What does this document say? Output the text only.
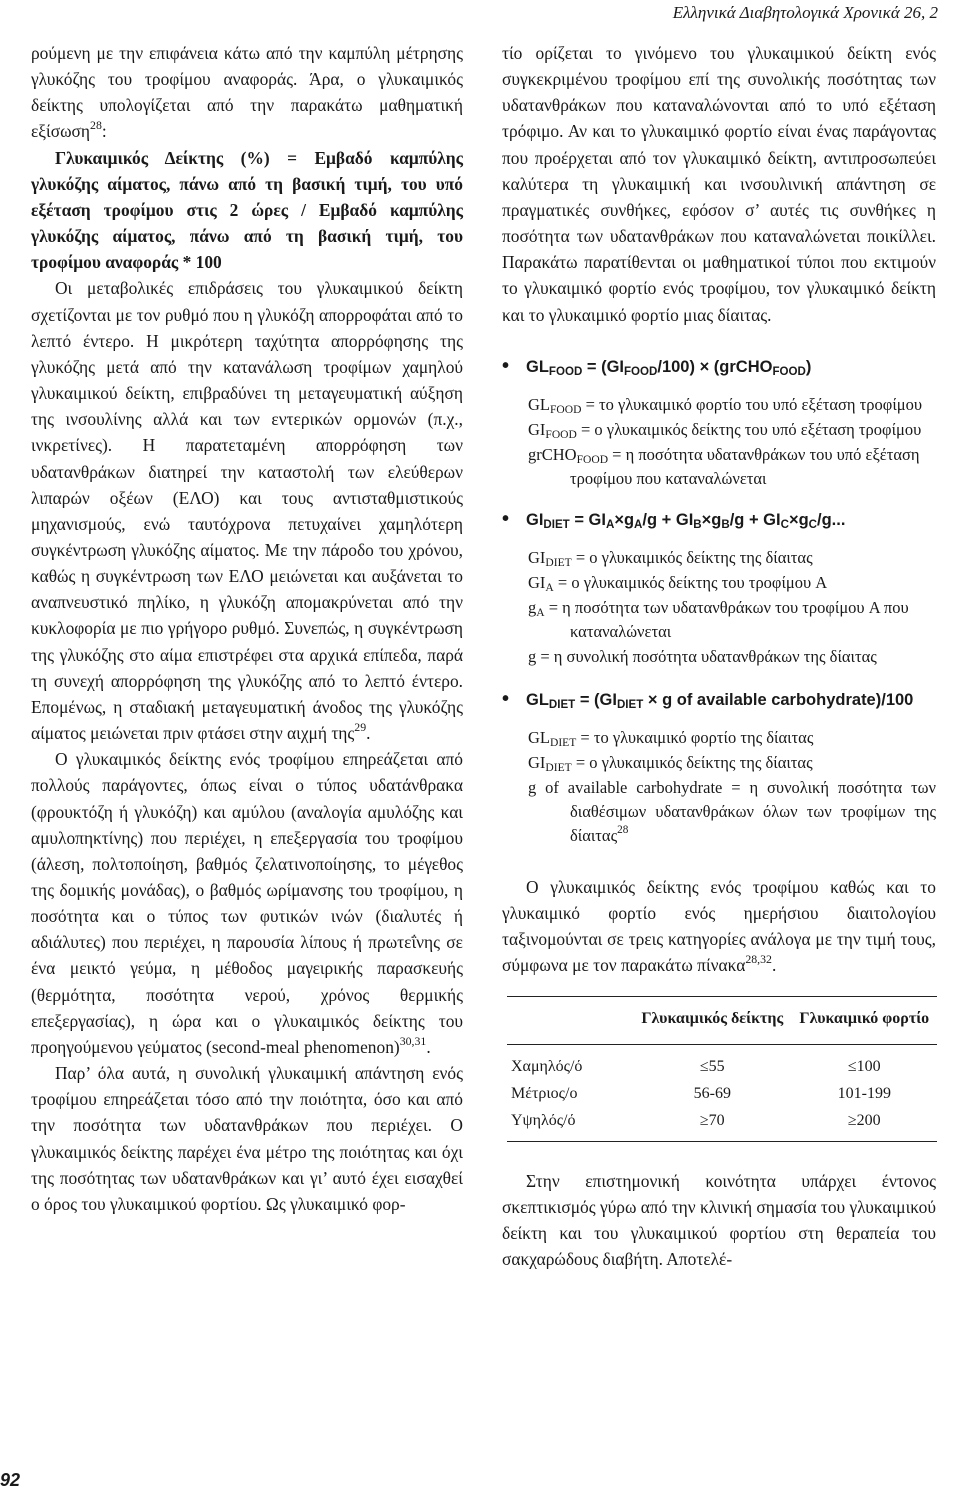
Ελληνικά Διαβητολογικά Χρονικά 26, 2

ρούμενη με την επιφάνεια κάτω από την καμπύλη μέτρησης γλυκόζης του τροφίμου αναφοράς. Άρα, ο γλυκαιμικός δείκτης υπολογίζεται από την παρακάτω μαθηματική εξίσωση$^{28}$:

Γλυκαιμικός Δείκτης (%) = Εμβαδό καμπύλης γλυκόζης αίματος, πάνω από τη βασική τιμή, του υπό εξέταση τροφίμου στις 2 ώρες / Εμβαδό καμπύλης γλυκόζης αίματος, πάνω από τη βασική τιμή, του τροφίμου αναφοράς * 100

Οι μεταβολικές επιδράσεις του γλυκαιμικού δείκτη σχετίζονται με τον ρυθμό που η γλυκόζη απορροφάται από το λεπτό έντερο. Η μικρότερη ταχύτητα απορρόφησης της γλυκόζης μετά από την κατανάλωση τροφίμων χαμηλού γλυκαιμικού δείκτη, επιβραδύνει τη μεταγευματική αύξηση της ινσουλίνης αλλά και των εντερικών ορμονών (π.χ., ινκρετίνες). Η παρατεταμένη απορρόφηση των υδατανθράκων διατηρεί την καταστολή των ελεύθερων λιπαρών οξέων (ΕΛΟ) και τους αντισταθμιστικούς μηχανισμούς, ενώ ταυτόχρονα πετυχαίνει χαμηλότερη συγκέντρωση γλυκόζης αίματος. Με την πάροδο του χρόνου, καθώς η συγκέντρωση των ΕΛΟ μειώνεται και αυξάνεται το αναπνευστικό πηλίκο, η γλυκόζη απομακρύνεται από την κυκλοφορία με πιο γρήγορο ρυθμό. Συνεπώς, η συγκέντρωση της γλυκόζης στο αίμα επιστρέφει στα αρχικά επίπεδα, παρά τη συνεχή απορρόφηση της γλυκόζης από το λεπτό έντερο. Επομένως, η σταδιακή μεταγευματική άνοδος της γλυκόζης αίματος μειώνεται πριν φτάσει στην αιχμή της$^{29}$.

Ο γλυκαιμικός δείκτης ενός τροφίμου επηρεάζεται από πολλούς παράγοντες, όπως είναι ο τύπος υδατάνθρακα (φρουκτόζη ή γλυκόζη) και αμύλου (αναλογία αμυλόζης και αμυλοπηκτίνης) που περιέχει, η επεξεργασία του τροφίμου (άλεση, πολτοποίηση, βαθμός ζελατινοποίησης, το μέγεθος της δομικής μονάδας), ο βαθμός ωρίμανσης του τροφίμου, η ποσότητα και ο τύπος των φυτικών ινών (διαλυτές ή αδιάλυτες) που περιέχει, η παρουσία λίπους ή πρωτεΐνης σε ένα μεικτό γεύμα, η μέθοδος μαγειρικής παρασκευής (θερμότητα, ποσότητα νερού, χρόνος θερμικής επεξεργασίας), η ώρα και ο γλυκαιμικός δείκτης του προηγούμενου γεύματος (second-meal phenomenon)$^{30,31}$.

Παρ’ όλα αυτά, η συνολική γλυκαιμική απάντηση ενός τροφίμου επηρεάζεται τόσο από την ποιότητα, όσο και από την ποσότητα των υδατανθράκων που περιέχει. Ο γλυκαιμικός δείκτης παρέχει ένα μέτρο της ποιότητας και όχι της ποσότητας των υδατανθράκων και γι’ αυτό έχει εισαχθεί ο όρος του γλυκαιμικού φορτίου. Ως γλυκαιμικό φορ-

τίο ορίζεται το γινόμενο του γλυκαιμικού δείκτη ενός συγκεκριμένου τροφίμου επί της συνολικής ποσότητας των υδατανθράκων που καταναλώνονται από το υπό εξέταση τρόφιμο. Αν και το γλυκαιμικό φορτίο είναι ένας παράγοντας που προέρχεται από τον γλυκαιμικό δείκτη, αντιπροσωπεύει καλύτερα τη γλυκαιμική και ινσουλινική απάντηση σε πραγματικές συνθήκες, εφόσον σ’ αυτές τις συνθήκες η ποσότητα των υδατανθράκων που καταναλώνεται ποικίλλει. Παρακάτω παρατίθενται οι μαθηματικοί τύποι που εκτιμούν το γλυκαιμικό φορτίο ενός τροφίμου, τον γλυκαιμικό δείκτη και το γλυκαιμικό φορτίο μιας δίαιτας.

• $GL_{FOOD} = (GI_{FOOD}/100)$ × (grCHO$_{FOOD}$)
$GL_{FOOD} = \tau o$ γλυκαιμικό φορτίο του υπό εξέταση τροφίμου
$GI_{FOOD} = o$ γλυκαιμικός δείκτης του υπό εξέταση τροφίμου
grCHO$_{FOOD}$ = η ποσότητα υδατανθράκων του υπό εξέταση τροφίμου που καταναλώνεται
• $GI_{DIET} = GI_A\times g_A/g + GI_B\times g_B/g + GI_C\times g_C/g$...
$GI_{DIET} = o$ γλυκαιμικός δείκτης της δίαιτας
$GI_A = o$ γλυκαιμικός δείκτης του τροφίμου A
$g_A = \eta$ ποσότητα των υδατανθράκων του τροφίμου A που καταναλώνεται
g = η συνολική ποσότητα υδατανθράκων της δίαιτας
• $GL_{DIET} = (GI_{DIET} \times g$ of available carbohydrate)/100
$GL_{DIET} = \tau o$ γλυκαιμικό φορτίο της δίαιτας
$GI_{DIET} = o$ γλυκαιμικός δείκτης της δίαιτας
g of available carbohydrate = η συνολική ποσότητα των διαθέσιμων υδατανθράκων όλων των τροφίμων της δίαιτας$^{28}$

Ο γλυκαιμικός δείκτης ενός τροφίμου καθώς και το γλυκαιμικό φορτίο ενός ημερήσιου διαιτολογίου ταξινομούνται σε τρεις κατηγορίες ανάλογα με την τιμή τους, σύμφωνα με τον παρακάτω πίνακα$^{28,32}$.

	Γλυκαιμικός δείκτης	Γλυκαιμικό φορτίο
Χαμηλός/ό	≤55	≤100
Μέτριος/ο	56-69	101-199
Υψηλός/ό	≥70	≥200

Στην επιστημονική κοινότητα υπάρχει έντονος σκεπτικισμός γύρω από την κλινική σημασία του γλυκαιμικού δείκτη και του γλυκαιμικού φορτίου στη θεραπεία του σακχαρώδους διαβήτη. Αποτελέ-

92
